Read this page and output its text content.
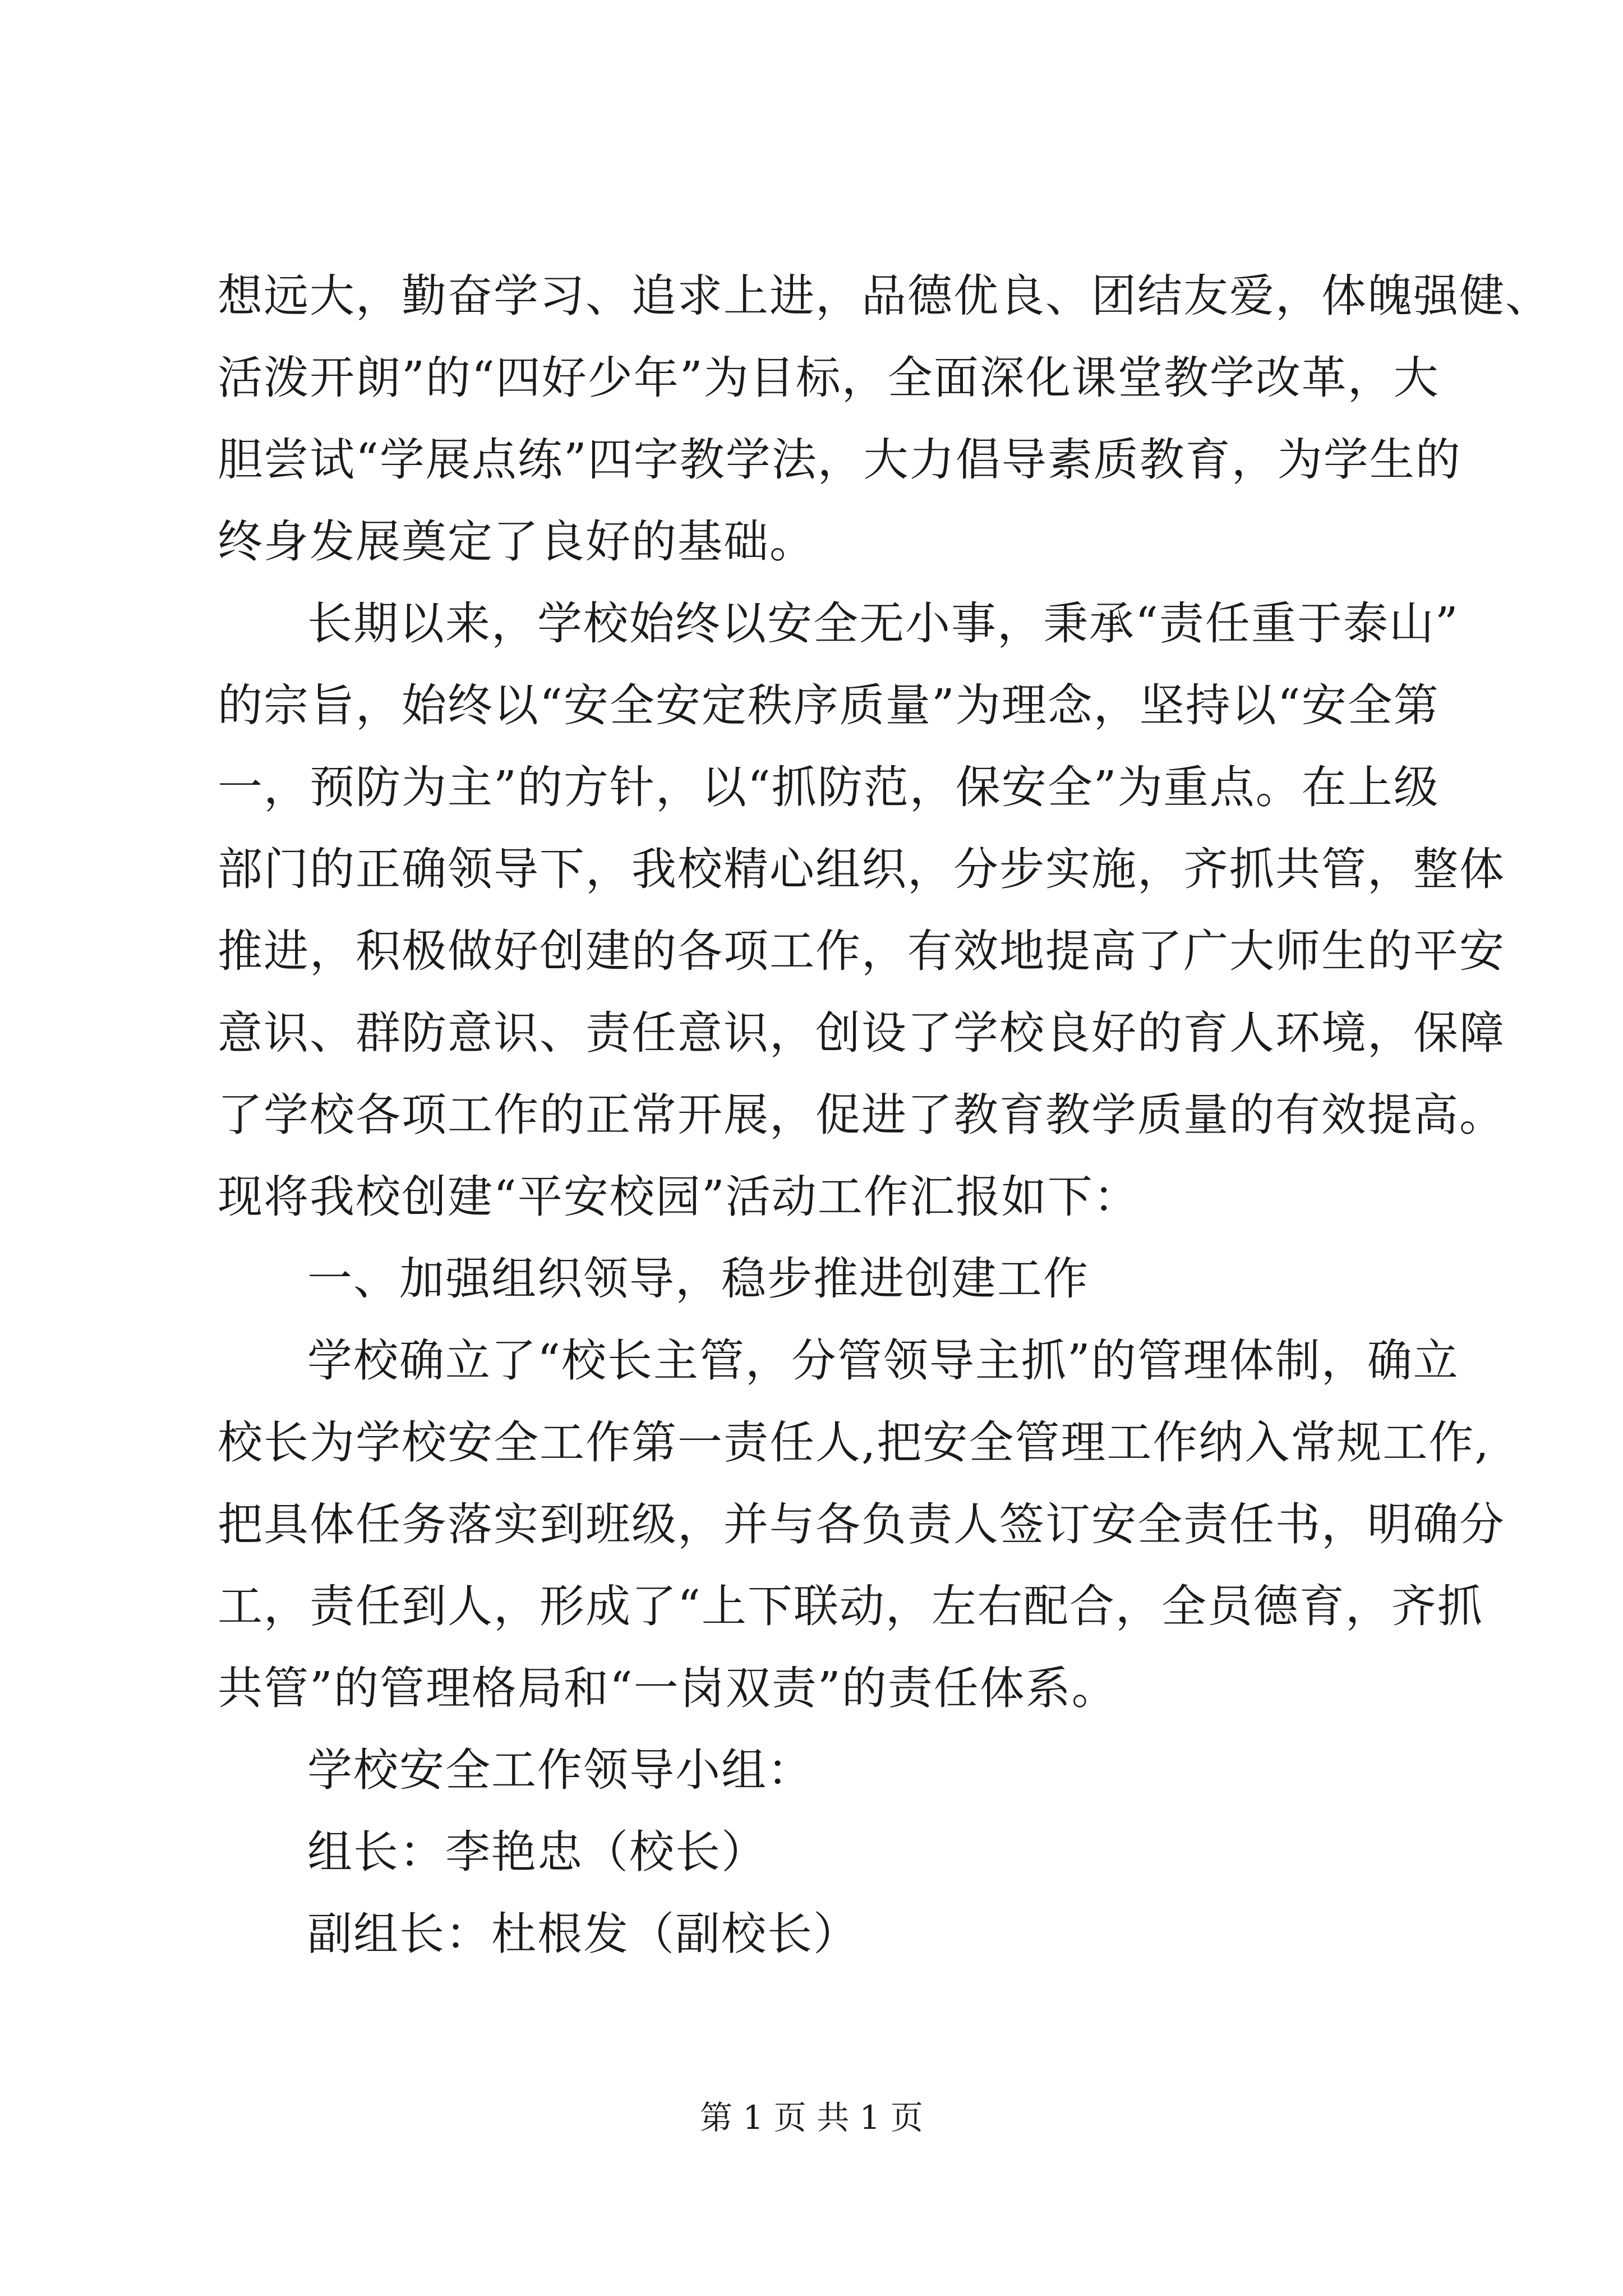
想远大，勤奋学习、追求上进，品德优良、团结友爱，体魄强健、
活泼开朗”的“四好少年”为目标，全面深化课堂教学改革，大
胆尝试“学展点练”四字教学法，大力倡导素质教育，为学生的
终身发展奠定了良好的基础。
长期以来，学校始终以安全无小事，秉承“责任重于泰山”
的宗旨，始终以“安全安定秩序质量”为理念，坚持以“安全第
一，预防为主”的方针，以“抓防范，保安全”为重点。在上级
部门的正确领导下，我校精心组织，分步实施，齐抓共管，整体
推进，积极做好创建的各项工作，有效地提高了广大师生的平安
意识、群防意识、责任意识，创设了学校良好的育人环境，保障
了学校各项工作的正常开展，促进了教育教学质量的有效提高。
现将我校创建“平安校园”活动工作汇报如下：
一、加强组织领导，稳步推进创建工作
学校确立了“校长主管，分管领导主抓”的管理体制，确立
校长为学校安全工作第一责任人,把安全管理工作纳入常规工作,
把具体任务落实到班级，并与各负责人签订安全责任书，明确分
工，责任到人，形成了“上下联动，左右配合，全员德育，齐抓
共管”的管理格局和“一岗双责”的责任体系。
学校安全工作领导小组：
组长：李艳忠（校长）
副组长：杜根发（副校长）
第 1 页 共 1 页
